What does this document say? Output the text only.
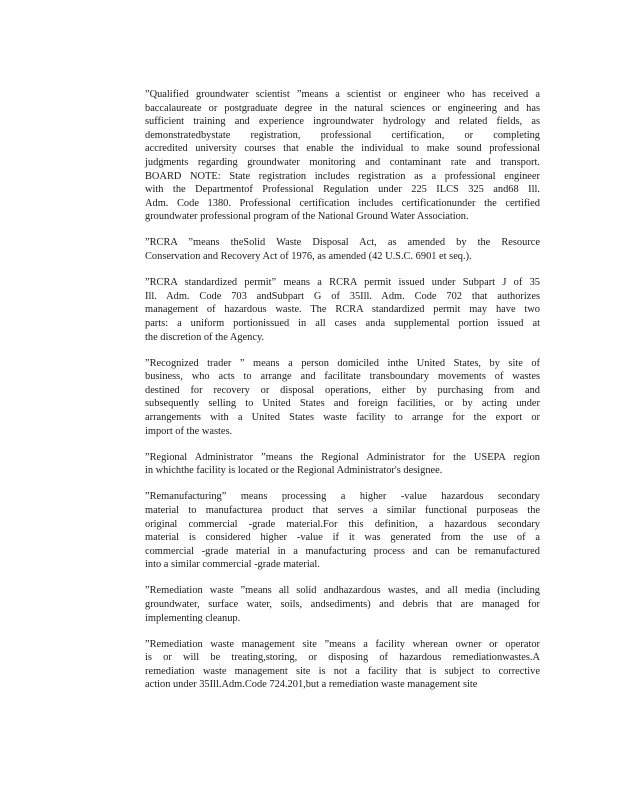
”Qualified groundwater scientist ”means a scientist or engineer who has received a
baccalaureate or postgraduate degree in the natural sciences or engineering and has
sufficient training and experience ingroundwater hydrology and related fields, as
demonstratedbystate registration, professional certification, or completing
accredited university courses that enable the individual to make sound professional
judgments regarding groundwater monitoring and contaminant rate and transport.
BOARD NOTE: State registration includes registration as a professional engineer
with the Departmentof Professional Regulation under 225 ILCS 325 and68 Ill.
Adm. Code 1380. Professional certification includes certificationunder the certified
groundwater professional program of the National Ground Water Association.

”RCRA ”means theSolid Waste Disposal Act, as amended by the Resource
Conservation and Recovery Act of 1976, as amended (42 U.S.C. 6901 et seq.).

”RCRA standardized permit” means a RCRA permit issued under Subpart J of 35
Ill. Adm. Code 703 andSubpart G of 35Ill. Adm. Code 702 that authorizes
management of hazardous waste. The RCRA standardized permit may have two
parts: a uniform portionissued in all cases anda supplemental portion issued at
the discretion of the Agency.

”Recognized trader ” means a person domiciled inthe United States, by site of
business, who acts to arrange and facilitate transboundary movements of wastes
destined for recovery or disposal operations, either by purchasing from and
subsequently selling to United States and foreign facilities, or by acting under
arrangements with a United States waste facility to arrange for the export or
import of the wastes.

”Regional Administrator ”means the Regional Administrator for the USEPA region
in whichthe facility is located or the Regional Administrator's designee.

”Remanufacturing” means processing a higher -value hazardous secondary
material to manufacturea product that serves a similar functional purposeas the
original commercial -grade material.For this definition, a hazardous secondary
material is considered higher -value if it was generated from the use of a
commercial -grade material in a manufacturing process and can be remanufactured
into a similar commercial -grade material.

”Remediation waste ”means all solid andhazardous wastes, and all media (including
groundwater, surface water, soils, andsediments) and debris that are managed for
implementing cleanup.

”Remediation waste management site ”means a facility wherean owner or operator
is or will be treating,storing, or disposing of hazardous remediationwastes.A
remediation waste management site is not a facility that is subject to corrective
action under 35Ill.Adm.Code 724.201,but a remediation waste management site
